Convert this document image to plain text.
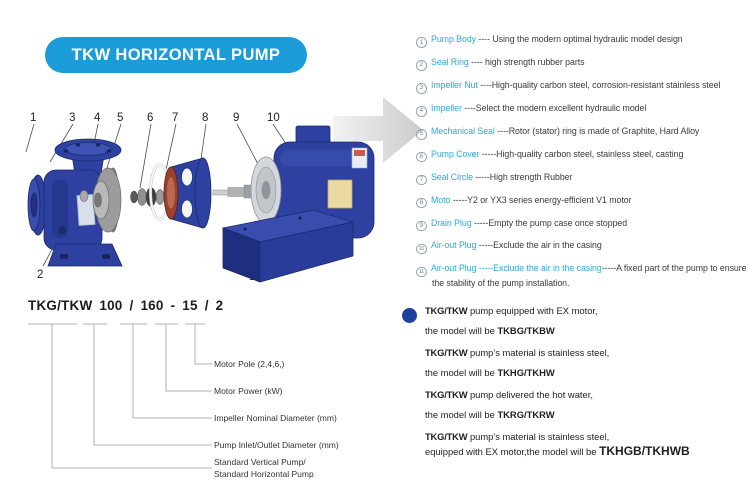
TKW HORIZONTAL PUMP
1	3 4 5 6 7 8 9 10
2
1 Pump Body ---- Using the modern optimal hydraulic model design
2 Seal Ring ---- high strength rubber parts
3 Impeller Nut ----High-quality carbon steel, corrosion-resistant stainless steel
4 Impeller ----Select the modern excellent hydraulic model
5 Mechanical Seal ----Rotor (stator) ring is made of Graphite, Hard Alloy
6 Pump Cover -----High-quality carbon steel, stainless steel, casting
7 Seal Circle -----High strength Rubber
8 Moto -----Y2 or YX3 series energy-efficient V1 motor
9 Drain Plug -----Empty the pump case once stopped
10 Air-out Plug -----Exclude the air in the casing
11 Air-out Plug -----Exclude the air in the casing-----A fixed part of the pump to ensure the stability of the pump installation.
TKG/TKW 100 / 160 - 15 / 2
Motor Pole (2,4,6,)
Motor Power (kW)
Impeller Nominal Diameter (mm)
Pump Inlet/Outlet Diameter (mm)
Standard Vertical Pump/
Standard Horizontal Pump
TKG/TKW pump equipped with EX motor,
the model will be TKBG/TKBW
TKG/TKW pump's material is stainless steel,
the model will be TKHG/TKHW
TKG/TKW pump delivered the hot water,
the model will be TKRG/TKRW
TKG/TKW pump's material is stainless steel,
equipped with EX motor,the model will be TKHGB/TKHWB
